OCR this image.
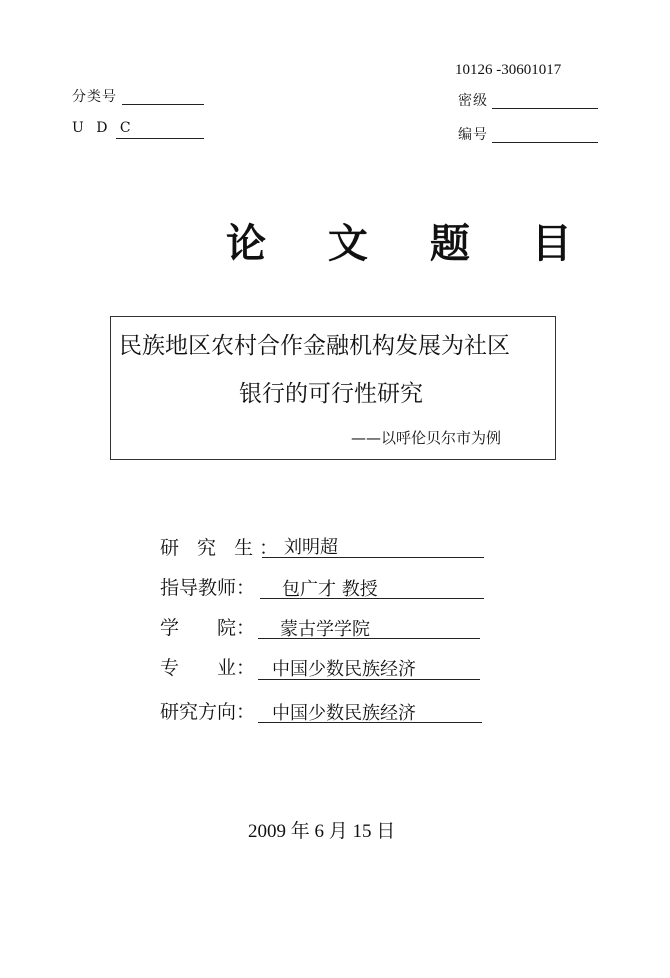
10126 -30601017
分类号
U D C
密级
编号
论 文 题 目
民族地区农村合作金融机构发展为社区
银行的可行性研究
——以呼伦贝尔市为例
研 究 生： 刘明超
指导教师： 包广才 教授
学 院： 蒙古学学院
专 业： 中国少数民族经济
研究方向： 中国少数民族经济
2009 年 6 月 15 日
